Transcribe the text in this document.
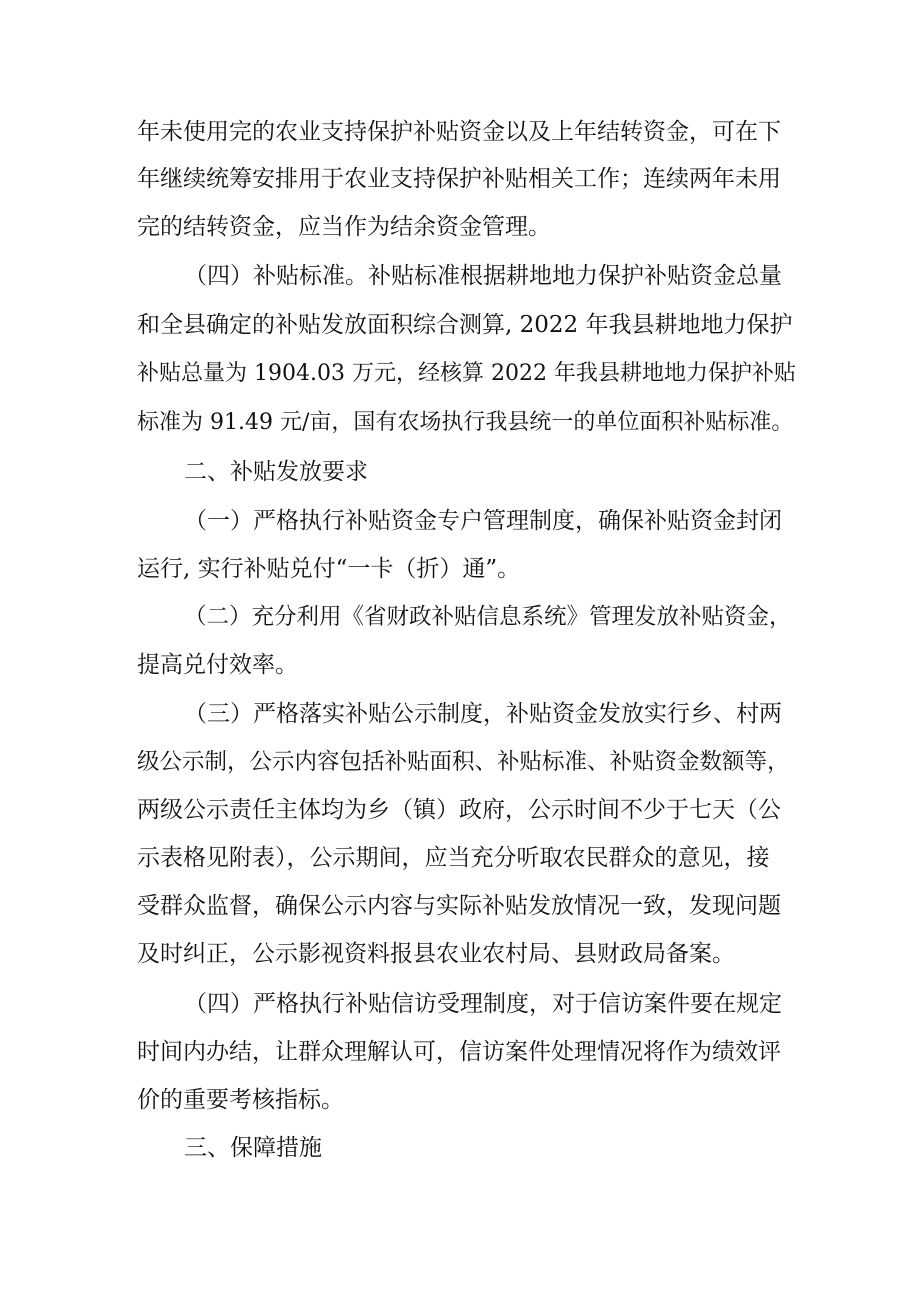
年未使用完的农业支持保护补贴资金以及上年结转资金，可在下
年继续统筹安排用于农业支持保护补贴相关工作；连续两年未用
完的结转资金，应当作为结余资金管理。
（四）补贴标准。补贴标准根据耕地地力保护补贴资金总量
和全县确定的补贴发放面积综合测算, 2022 年我县耕地地力保护
补贴总量为 1904.03 万元，经核算 2022 年我县耕地地力保护补贴
标准为 91.49 元/亩，国有农场执行我县统一的单位面积补贴标准。
二、补贴发放要求
（一）严格执行补贴资金专户管理制度，确保补贴资金封闭
运行, 实行补贴兑付“一卡（折）通”。
（二）充分利用《省财政补贴信息系统》管理发放补贴资金，
提高兑付效率。
（三）严格落实补贴公示制度，补贴资金发放实行乡、村两
级公示制，公示内容包括补贴面积、补贴标准、补贴资金数额等，
两级公示责任主体均为乡（镇）政府，公示时间不少于七天（公
示表格见附表），公示期间，应当充分听取农民群众的意见，接
受群众监督，确保公示内容与实际补贴发放情况一致，发现问题
及时纠正，公示影视资料报县农业农村局、县财政局备案。
（四）严格执行补贴信访受理制度，对于信访案件要在规定
时间内办结，让群众理解认可，信访案件处理情况将作为绩效评
价的重要考核指标。
三、保障措施
